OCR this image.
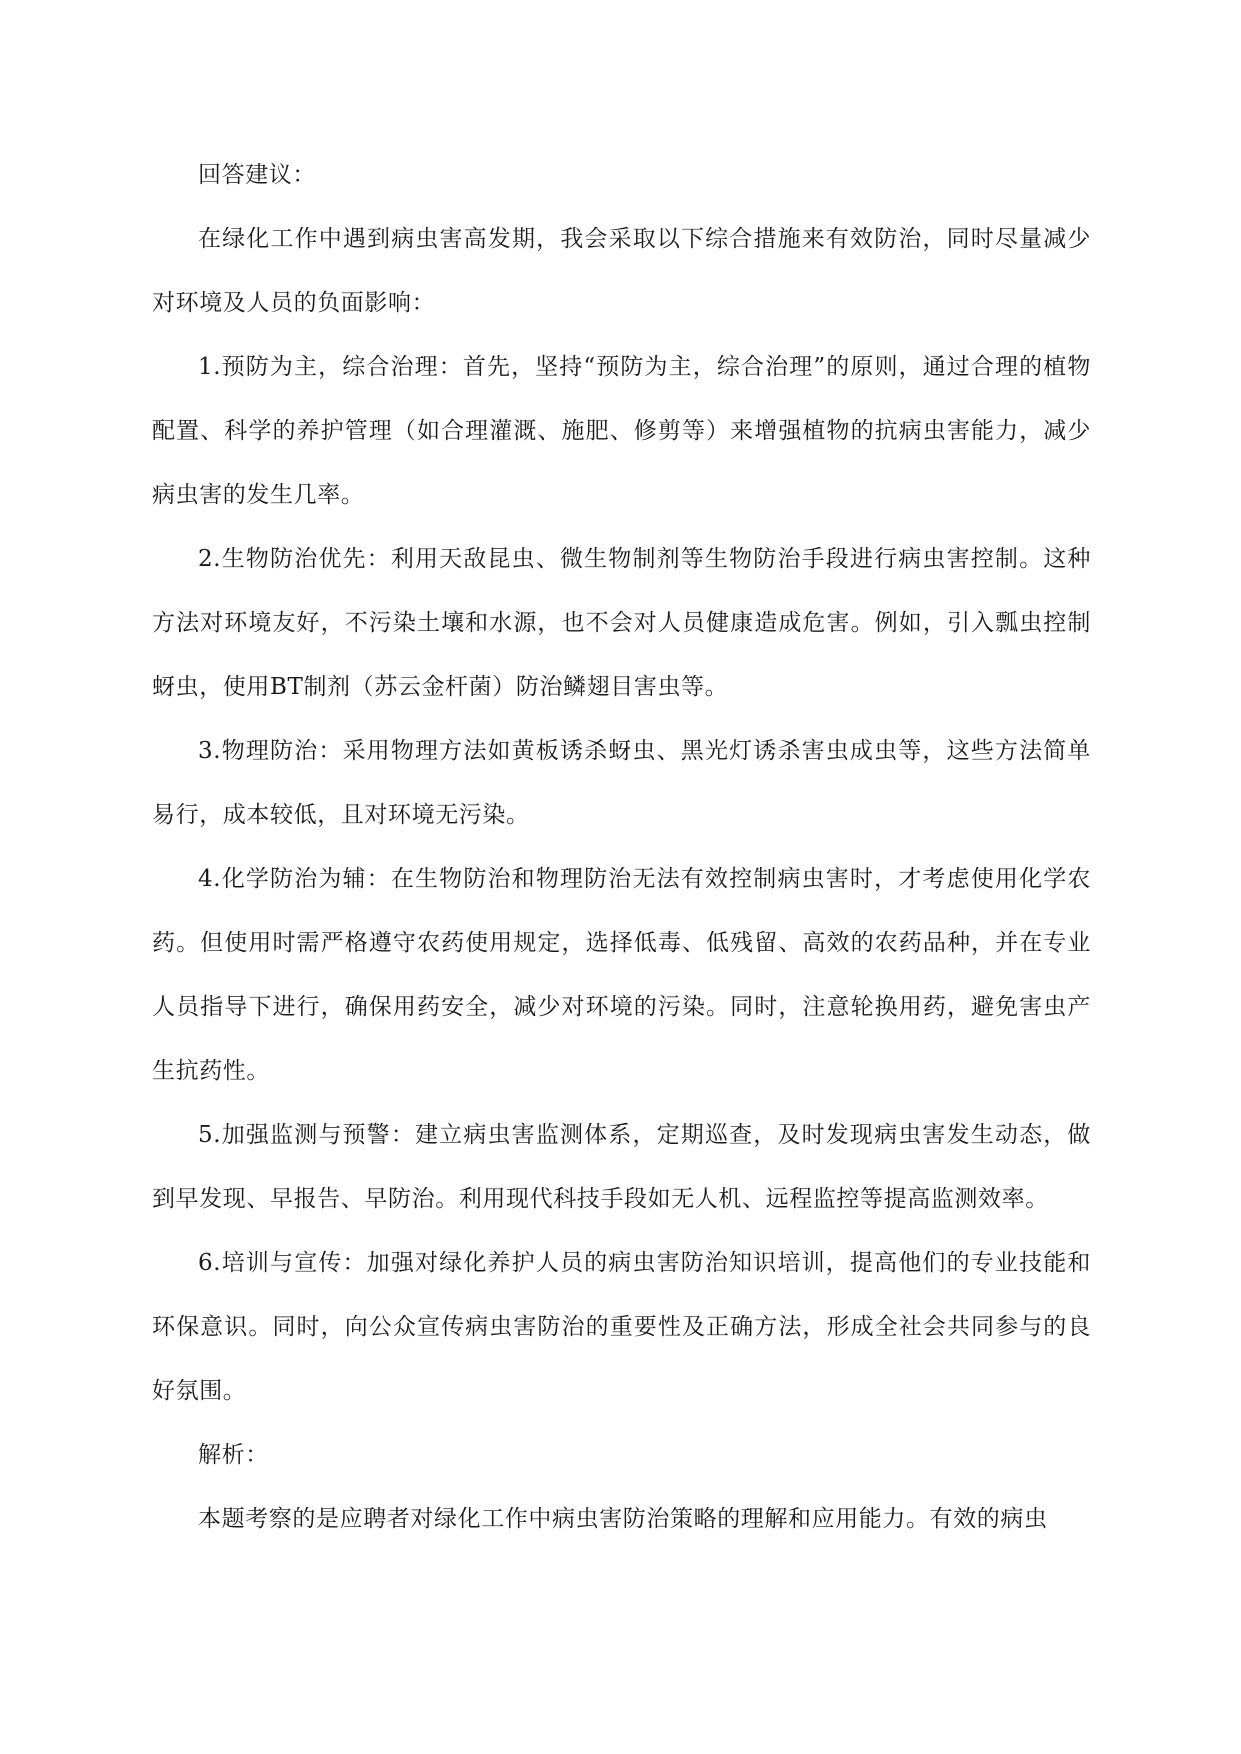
回答建议：

在绿化工作中遇到病虫害高发期，我会采取以下综合措施来有效防治，同时尽量减少对环境及人员的负面影响：

1.预防为主，综合治理：首先，坚持“预防为主，综合治理”的原则，通过合理的植物配置、科学的养护管理（如合理灌溉、施肥、修剪等）来增强植物的抗病虫害能力，减少病虫害的发生几率。

2.生物防治优先：利用天敌昆虫、微生物制剂等生物防治手段进行病虫害控制。这种方法对环境友好，不污染土壤和水源，也不会对人员健康造成危害。例如，引入瓢虫控制蚜虫，使用BT制剂（苏云金杆菌）防治鳞翅目害虫等。

3.物理防治：采用物理方法如黄板诱杀蚜虫、黑光灯诱杀害虫成虫等，这些方法简单易行，成本较低，且对环境无污染。

4.化学防治为辅：在生物防治和物理防治无法有效控制病虫害时，才考虑使用化学农药。但使用时需严格遵守农药使用规定，选择低毒、低残留、高效的农药品种，并在专业人员指导下进行，确保用药安全，减少对环境的污染。同时，注意轮换用药，避免害虫产生抗药性。

5.加强监测与预警：建立病虫害监测体系，定期巡查，及时发现病虫害发生动态，做到早发现、早报告、早防治。利用现代科技手段如无人机、远程监控等提高监测效率。

6.培训与宣传：加强对绿化养护人员的病虫害防治知识培训，提高他们的专业技能和环保意识。同时，向公众宣传病虫害防治的重要性及正确方法，形成全社会共同参与的良好氛围。

解析：

本题考察的是应聘者对绿化工作中病虫害防治策略的理解和应用能力。有效的病虫
